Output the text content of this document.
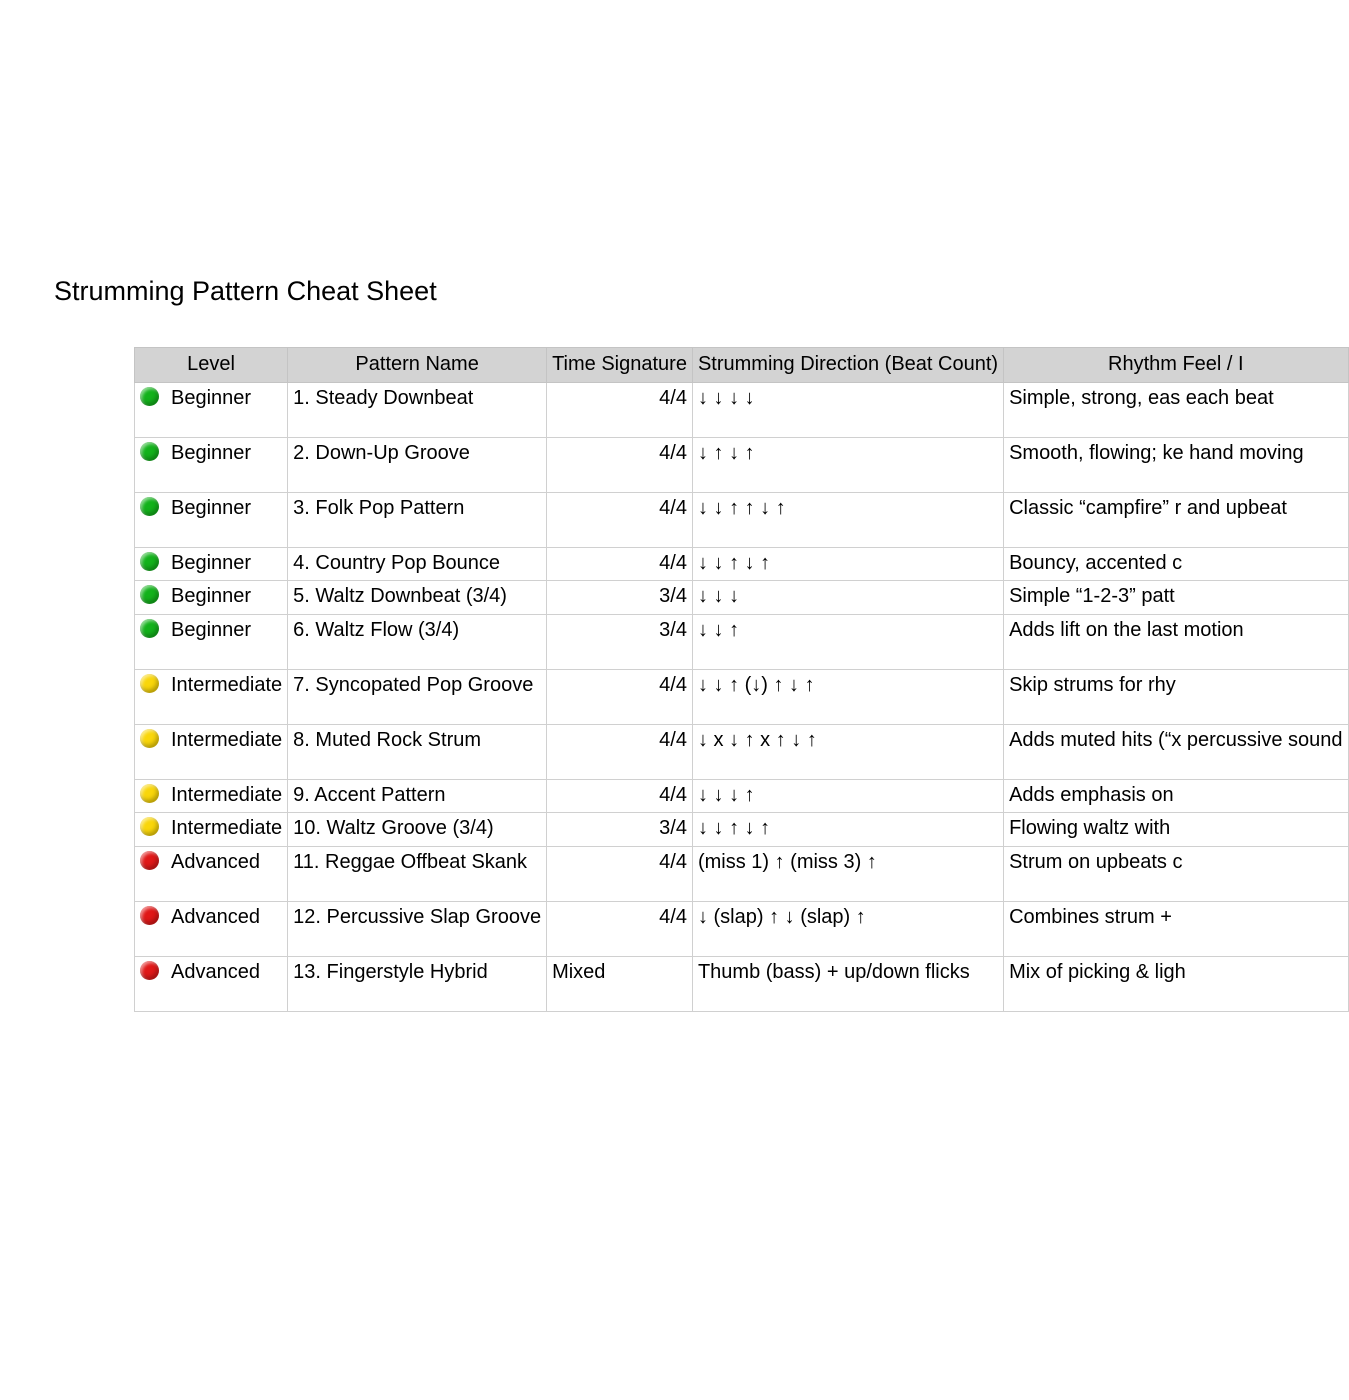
Strumming Pattern Cheat Sheet
Level	Pattern Name	Time Signature	Strumming Direction (Beat Count)	Rhythm Feel / I

Beginner	1. Steady Downbeat	4/4	↓ ↓ ↓ ↓	Simple, strong, eas each beat

Beginner	2. Down-Up Groove	4/4	↓ ↑ ↓ ↑	Smooth, flowing; ke hand moving

Beginner	3. Folk Pop Pattern	4/4	↓ ↓ ↑ ↑ ↓ ↑	Classic “campfire” r and upbeat

Beginner	4. Country Pop Bounce	4/4	↓ ↓ ↑ ↓ ↑	Bouncy, accented c

Beginner	5. Waltz Downbeat (3/4)	3/4	↓ ↓ ↓	Simple “1-2-3” patt

Beginner	6. Waltz Flow (3/4)	3/4	↓ ↓ ↑	Adds lift on the last motion

Intermediate	7. Syncopated Pop Groove	4/4	↓ ↓ ↑ (↓) ↑ ↓ ↑	Skip strums for rhy

Intermediate	8. Muted Rock Strum	4/4	↓ x ↓ ↑ x ↑ ↓ ↑	Adds muted hits (“x percussive sound

Intermediate	9. Accent Pattern	4/4	↓ ↓ ↓ ↑	Adds emphasis on

Intermediate	10. Waltz Groove (3/4)	3/4	↓ ↓ ↑ ↓ ↑	Flowing waltz with

Advanced	11. Reggae Offbeat Skank	4/4	(miss 1) ↑ (miss 3) ↑	Strum on upbeats c

Advanced	12. Percussive Slap Groove	4/4	↓ (slap) ↑ ↓ (slap) ↑	Combines strum +

Advanced	13. Fingerstyle Hybrid	Mixed	Thumb (bass) + up/down flicks	Mix of picking & ligh
